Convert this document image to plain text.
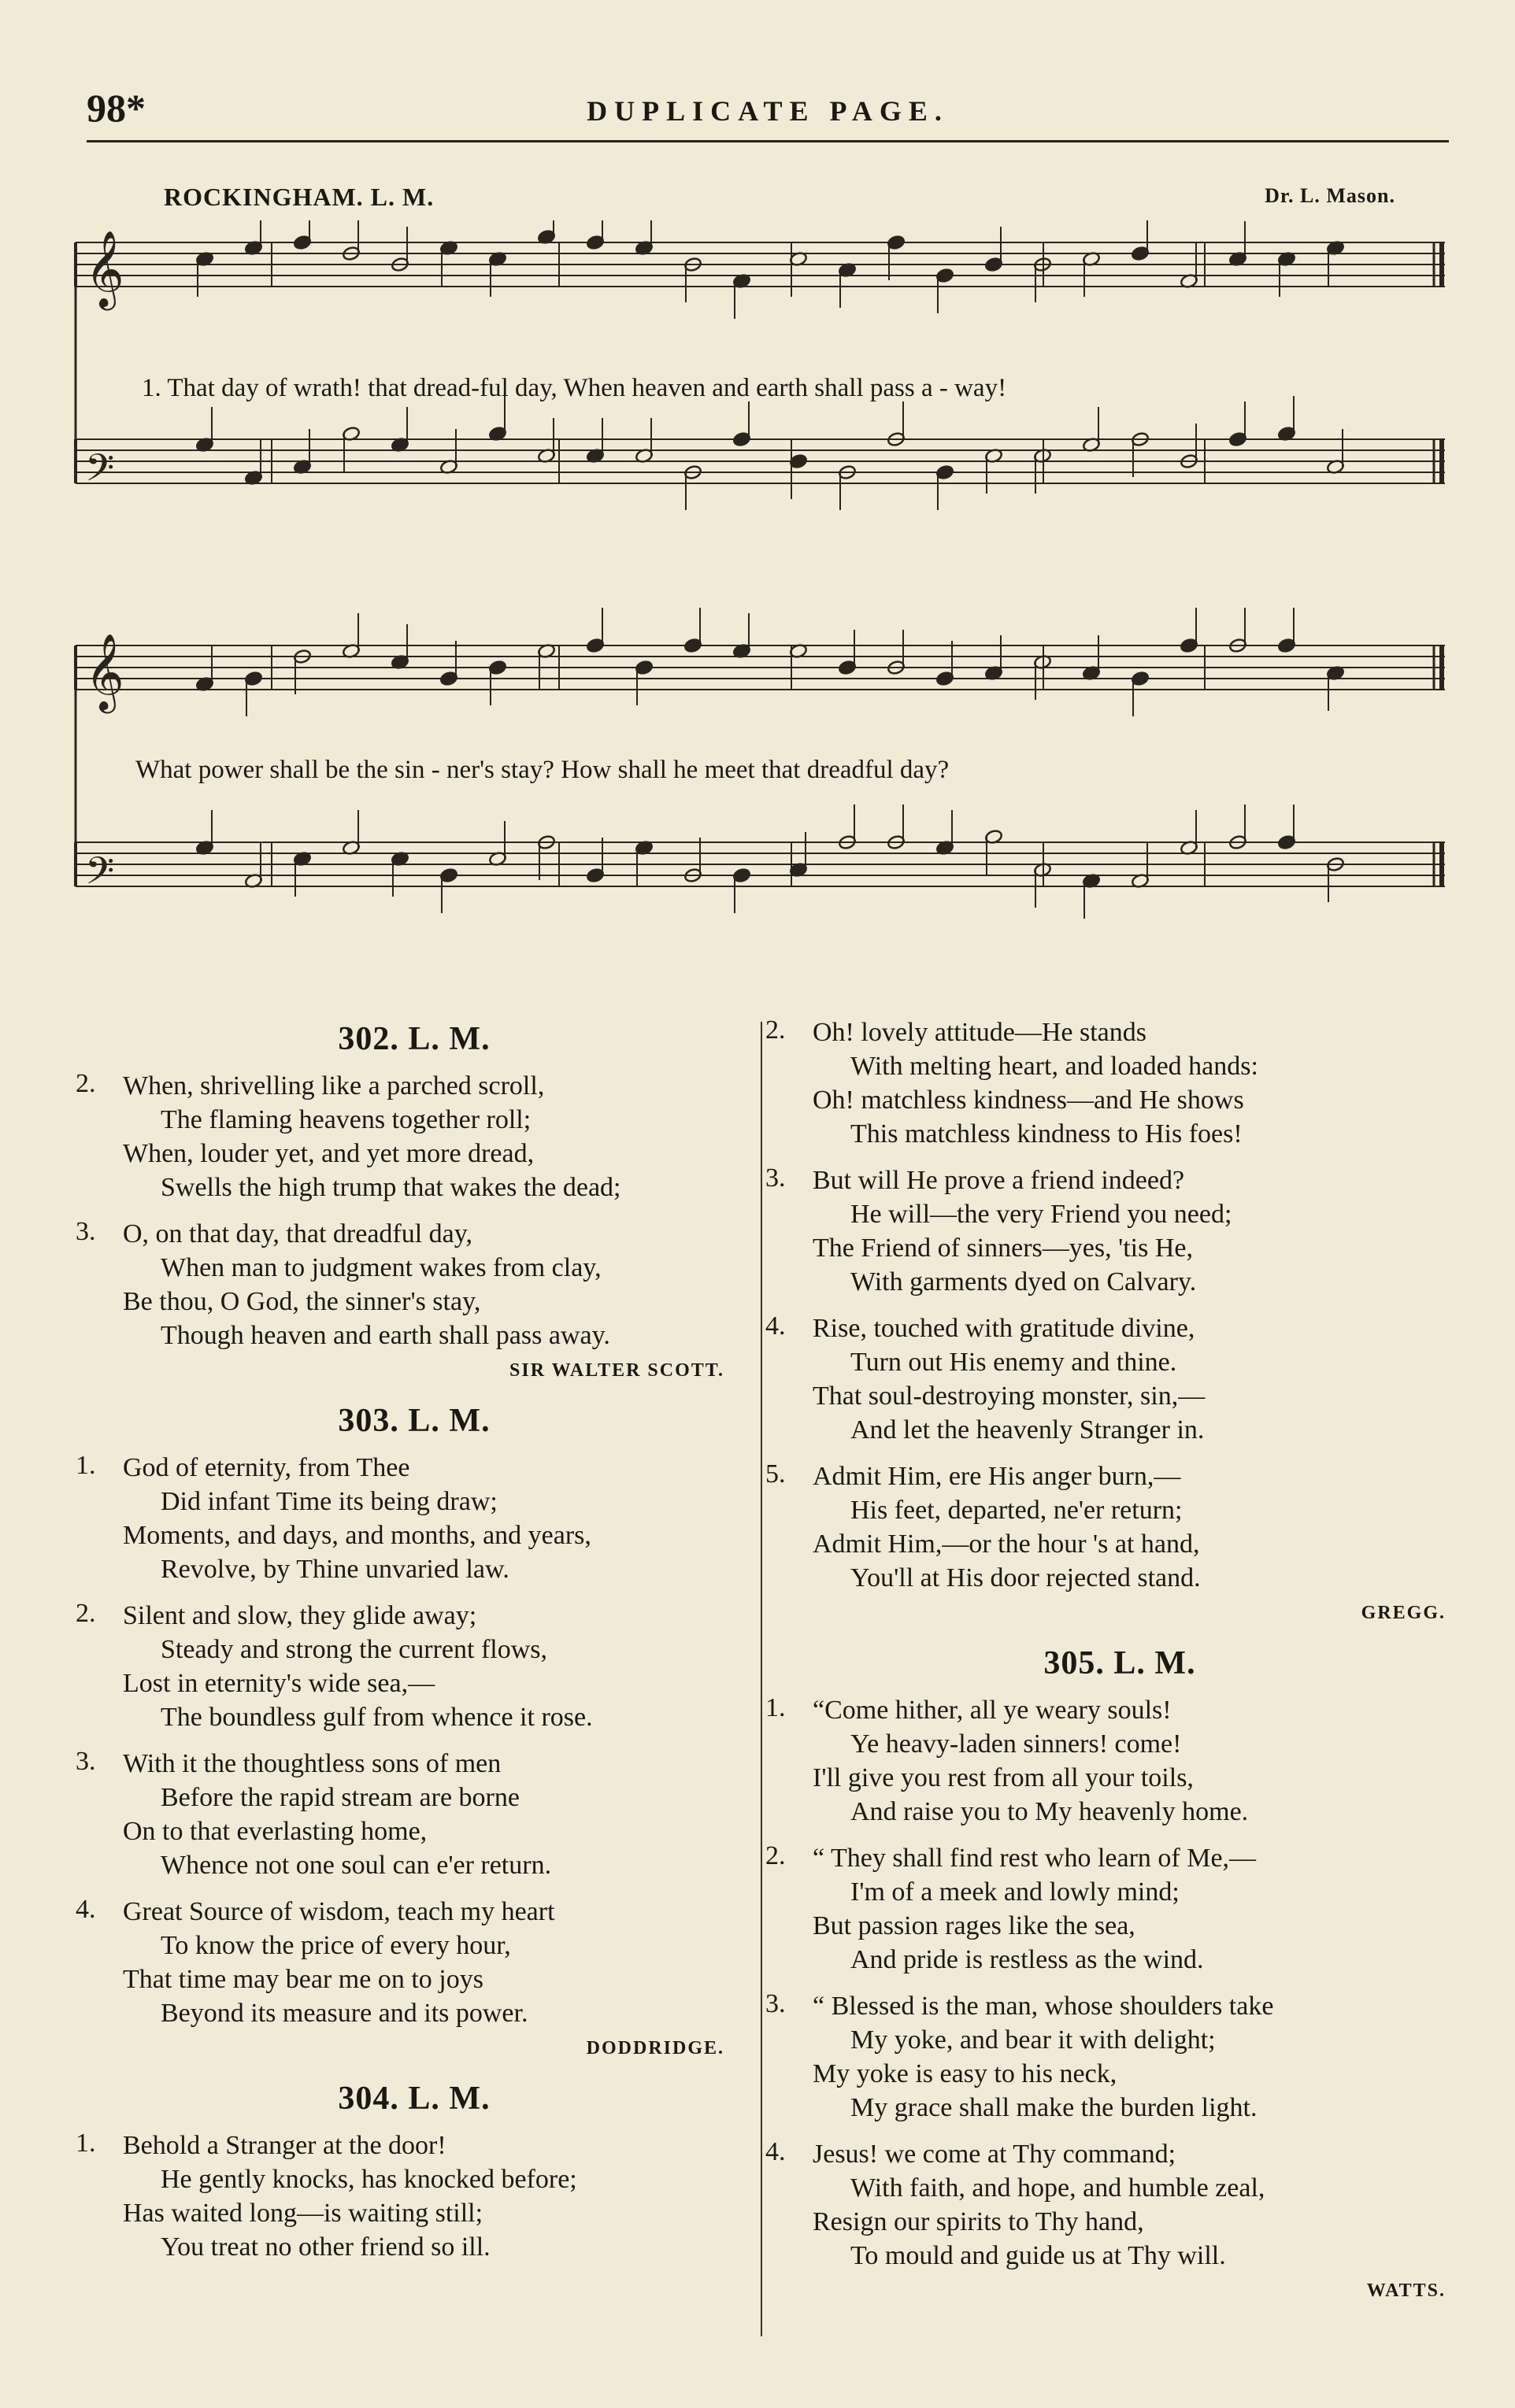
98*	DUPLICATE PAGE.
ROCKINGHAM. L. M.	Dr. L. Mason.
𝄞
𝄢
1. That day of wrath! that dread-ful day, When heaven and earth shall pass a - way!
𝄞
𝄢
What power shall be the sin - ner's stay? How shall he meet that dreadful day?
302. L. M.
2.	When, shrivelling like a parched scroll,
The flaming heavens together roll;
When, louder yet, and yet more dread,
Swells the high trump that wakes the dead;
3.	O, on that day, that dreadful day,
When man to judgment wakes from clay,
Be thou, O God, the sinner's stay,
Though heaven and earth shall pass away.
SIR WALTER SCOTT.
303. L. M.
1.	God of eternity, from Thee
Did infant Time its being draw;
Moments, and days, and months, and years,
Revolve, by Thine unvaried law.
2.	Silent and slow, they glide away;
Steady and strong the current flows,
Lost in eternity's wide sea,—
The boundless gulf from whence it rose.
3.	With it the thoughtless sons of men
Before the rapid stream are borne
On to that everlasting home,
Whence not one soul can e'er return.
4.	Great Source of wisdom, teach my heart
To know the price of every hour,
That time may bear me on to joys
Beyond its measure and its power.
DODDRIDGE.
304. L. M.
1.	Behold a Stranger at the door!
He gently knocks, has knocked before;
Has waited long—is waiting still;
You treat no other friend so ill.
2.	Oh! lovely attitude—He stands
With melting heart, and loaded hands:
Oh! matchless kindness—and He shows
This matchless kindness to His foes!
3.	But will He prove a friend indeed?
He will—the very Friend you need;
The Friend of sinners—yes, 'tis He,
With garments dyed on Calvary.
4.	Rise, touched with gratitude divine,
Turn out His enemy and thine.
That soul-destroying monster, sin,—
And let the heavenly Stranger in.
5.	Admit Him, ere His anger burn,—
His feet, departed, ne'er return;
Admit Him,—or the hour 's at hand,
You'll at His door rejected stand.
GREGG.
305. L. M.
1.	“Come hither, all ye weary souls!
Ye heavy-laden sinners! come!
I'll give you rest from all your toils,
And raise you to My heavenly home.
2.	“ They shall find rest who learn of Me,—
I'm of a meek and lowly mind;
But passion rages like the sea,
And pride is restless as the wind.
3.	“ Blessed is the man, whose shoulders take
My yoke, and bear it with delight;
My yoke is easy to his neck,
My grace shall make the burden light.
4.	Jesus! we come at Thy command;
With faith, and hope, and humble zeal,
Resign our spirits to Thy hand,
To mould and guide us at Thy will.
WATTS.
